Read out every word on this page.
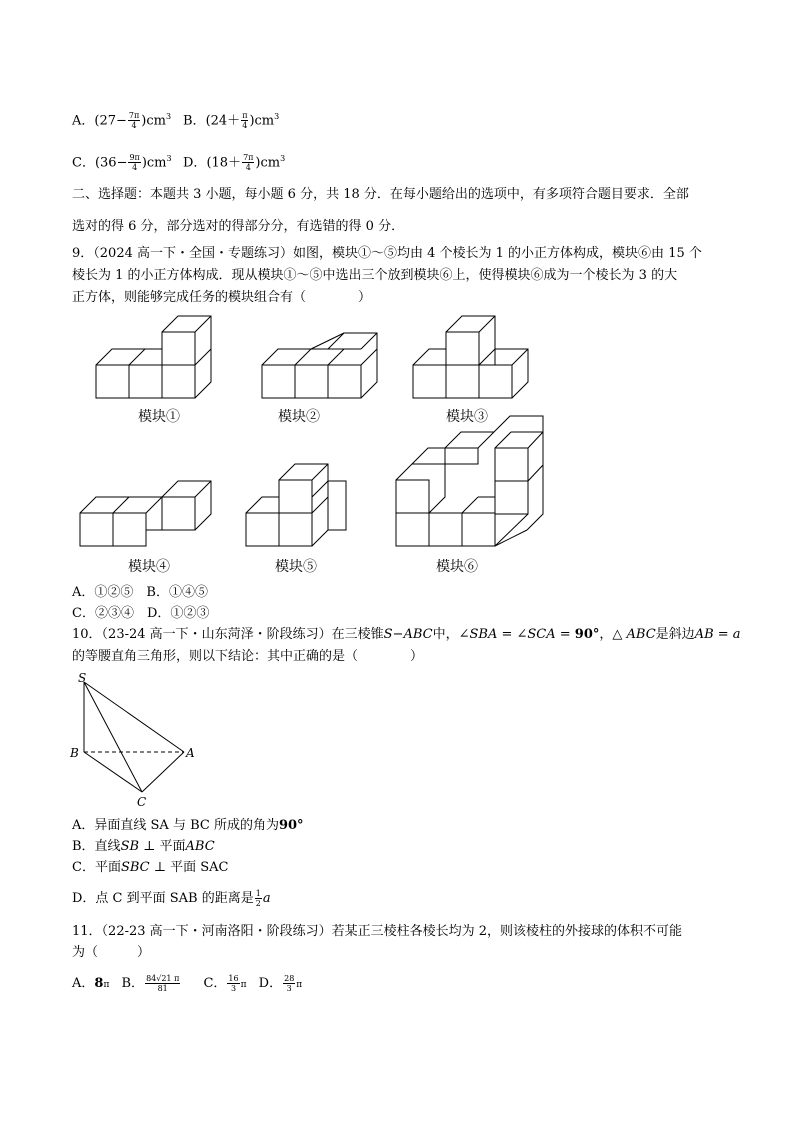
A．$(27- \frac{7\pi}{4} )cm^3$ B．$(24+ \frac{\pi}{4} )cm^3$
C．$(36- \frac{9\pi}{4} )cm^3$ D．$(18+ \frac{7\pi}{4} )cm^3$
二、选择题：本题共 3 小题，每小题 6 分，共 18 分．在每小题给出的选项中，有多项符合题目要求．全部
选对的得 6 分，部分选对的得部分分，有选错的得 0 分．
9．（2024 高一下・全国・专题练习）如图，模块①～⑤均由 4 个棱长为 1 的小正方体构成，模块⑥由 15 个
棱长为 1 的小正方体构成．现从模块①～⑤中选出三个放到模块⑥上，使得模块⑥成为一个棱长为 3 的大
正方体，则能够完成任务的模块组合有（　　　　）
模块①	模块②	模块③
模块④	模块⑤	模块⑥
A．①②⑤　B．①④⑤
C．②③④　D．①②③
10．（23-24 高一下・山东菏泽・阶段练习）在三棱锥S−ABC中，∠SBA = ∠SCA = 90°，△ ABC是斜边AB = a
的等腰直角三角形，则以下结论：其中正确的是（　　　　）
S
B	A
C
A．异面直线 SA 与 BC 所成的角为90°
B．直线SB ⊥ 平面ABC
C．平面SBC ⊥ 平面 SAC
D．点 C 到平面 SAB 的距离是 $\frac{1}{2}$ a
11．（22-23 高一下・河南洛阳・阶段练习）若某正三棱柱各棱长均为 2，则该棱柱的外接球的体积不可能
为（　　　）
A．8π B． $\frac{84√21 \pi}{81}$ C． $\frac{16}{3}$ π D． $\frac{28}{3}$ π
